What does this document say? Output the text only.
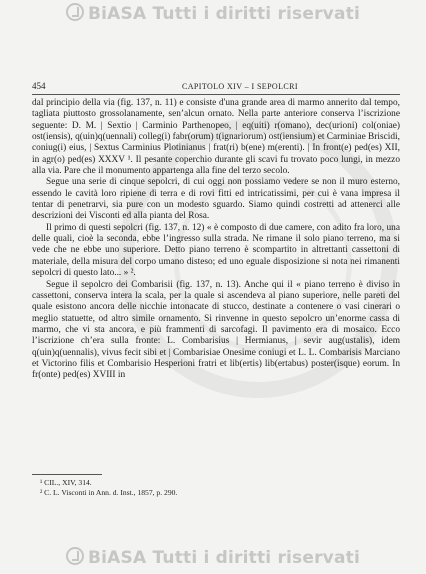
BiASA Tutti i diritti riservati
454	CAPITOLO XIV – I SEPOLCRI

dal principio della via (fig. 137, n. 11) e consiste d'una grande area di marmo annerito dal tempo, tagliata piuttosto grossolanamente, sen’alcun ornato. Nella parte anteriore conserva l’iscrizione seguente: D. M. | Sextio | Carminio Parthenopeo, | eq(uiti) r(omano), dec(urioni) col(oniae) ost(iensis), q(uin)q(uennali) colleg(i) fabr(orum) t(ignariorum) ost(iensium) et Carminiae Briscidi, coniug(i) eius, | Sextus Carminius Plotinianus | frat(ri) b(ene) m(erenti). | In front(e) ped(es) XII, in agr(o) ped(es) XXXV ¹. Il pesante coperchio durante gli scavi fu trovato poco lungi, in mezzo alla via. Pare che il monumento appartenga alla fine del terzo secolo.

Segue una serie di cinque sepolcri, di cui oggi non possiamo vedere se non il muro esterno, essendo le cavità loro ripiene di terra e di rovi fitti ed intricatissimi, per cui è vana impresa il tentar di penetrarvi, sia pure con un modesto sguardo. Siamo quindi costretti ad attenerci alle descrizioni dei Visconti ed alla pianta del Rosa.

Il primo di questi sepolcri (fig. 137, n. 12) « è composto di due camere, con adito fra loro, una delle quali, cioè la seconda, ebbe l’ingresso sulla strada. Ne rimane il solo piano terreno, ma si vede che ne ebbe uno superiore. Detto piano terreno è scompartito in altrettanti cassettoni di materiale, della misura del corpo umano disteso; ed uno eguale disposizione si nota nei rimanenti sepolcri di questo lato... » ².

Segue il sepolcro dei Combarisii (fig. 137, n. 13). Anche qui il « piano terreno è diviso in cassettoni, conserva intera la scala, per la quale si ascendeva al piano superiore, nelle pareti del quale esistono ancora delle nicchie intonacate di stucco, destinate a contenere o vasi cinerari o meglio statuette, od altro simile ornamento. Si rinvenne in questo sepolcro un’enorme cassa di marmo, che vi sta ancora, e più frammenti di sarcofagi. Il pavimento era di mosaico. Ecco l’iscrizione ch’era sulla fronte: L. Combarisius | Hermianus, | sevir aug(ustalis), idem q(uin)q(uennalis), vivus fecit sibi et | Combarisiae Onesime coniugi et L. L. Combarisis Marciano et Victorino filis et Combarisio Hesperioni fratri et lib(ertis) lib(ertabus) poster(isque) eorum. In fr(onte) ped(es) XVIII in

¹ CIL., XIV, 314.
² C. L. Visconti in Ann. d. Inst., 1857, p. 290.
BiASA Tutti i diritti riservati
